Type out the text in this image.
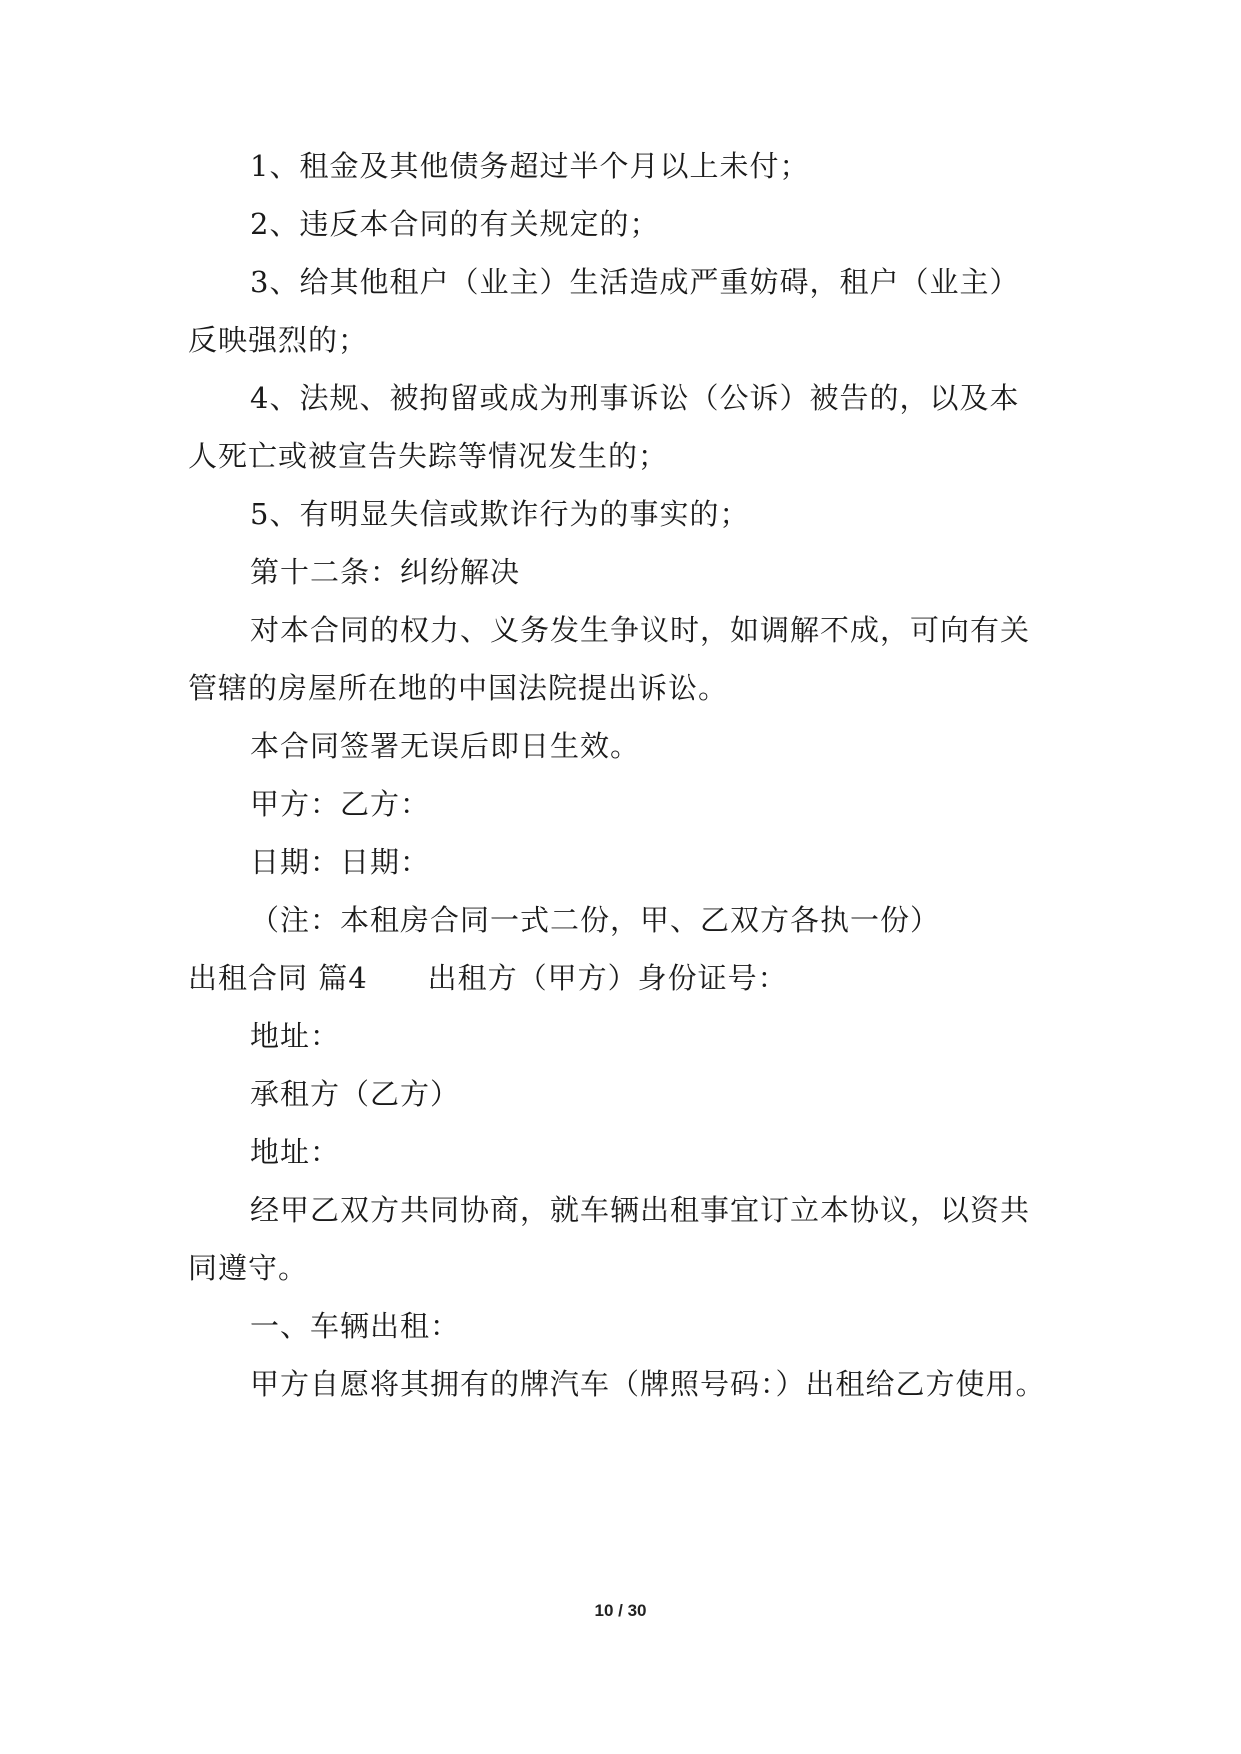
1、租金及其他债务超过半个月以上未付；
2、违反本合同的有关规定的；
3、给其他租户（业主）生活造成严重妨碍，租户（业主）
反映强烈的；
4、法规、被拘留或成为刑事诉讼（公诉）被告的，以及本
人死亡或被宣告失踪等情况发生的；
5、有明显失信或欺诈行为的事实的；
第十二条：纠纷解决
对本合同的权力、义务发生争议时，如调解不成，可向有关
管辖的房屋所在地的中国法院提出诉讼。
本合同签署无误后即日生效。
甲方：乙方：
日期：日期：
（注：本租房合同一式二份，甲、乙双方各执一份）
出租合同 篇4 出租方（甲方）身份证号：
地址：
承租方（乙方）
地址：
经甲乙双方共同协商，就车辆出租事宜订立本协议，以资共
同遵守。
一、车辆出租：
甲方自愿将其拥有的牌汽车（牌照号码：）出租给乙方使用。
10 / 30
